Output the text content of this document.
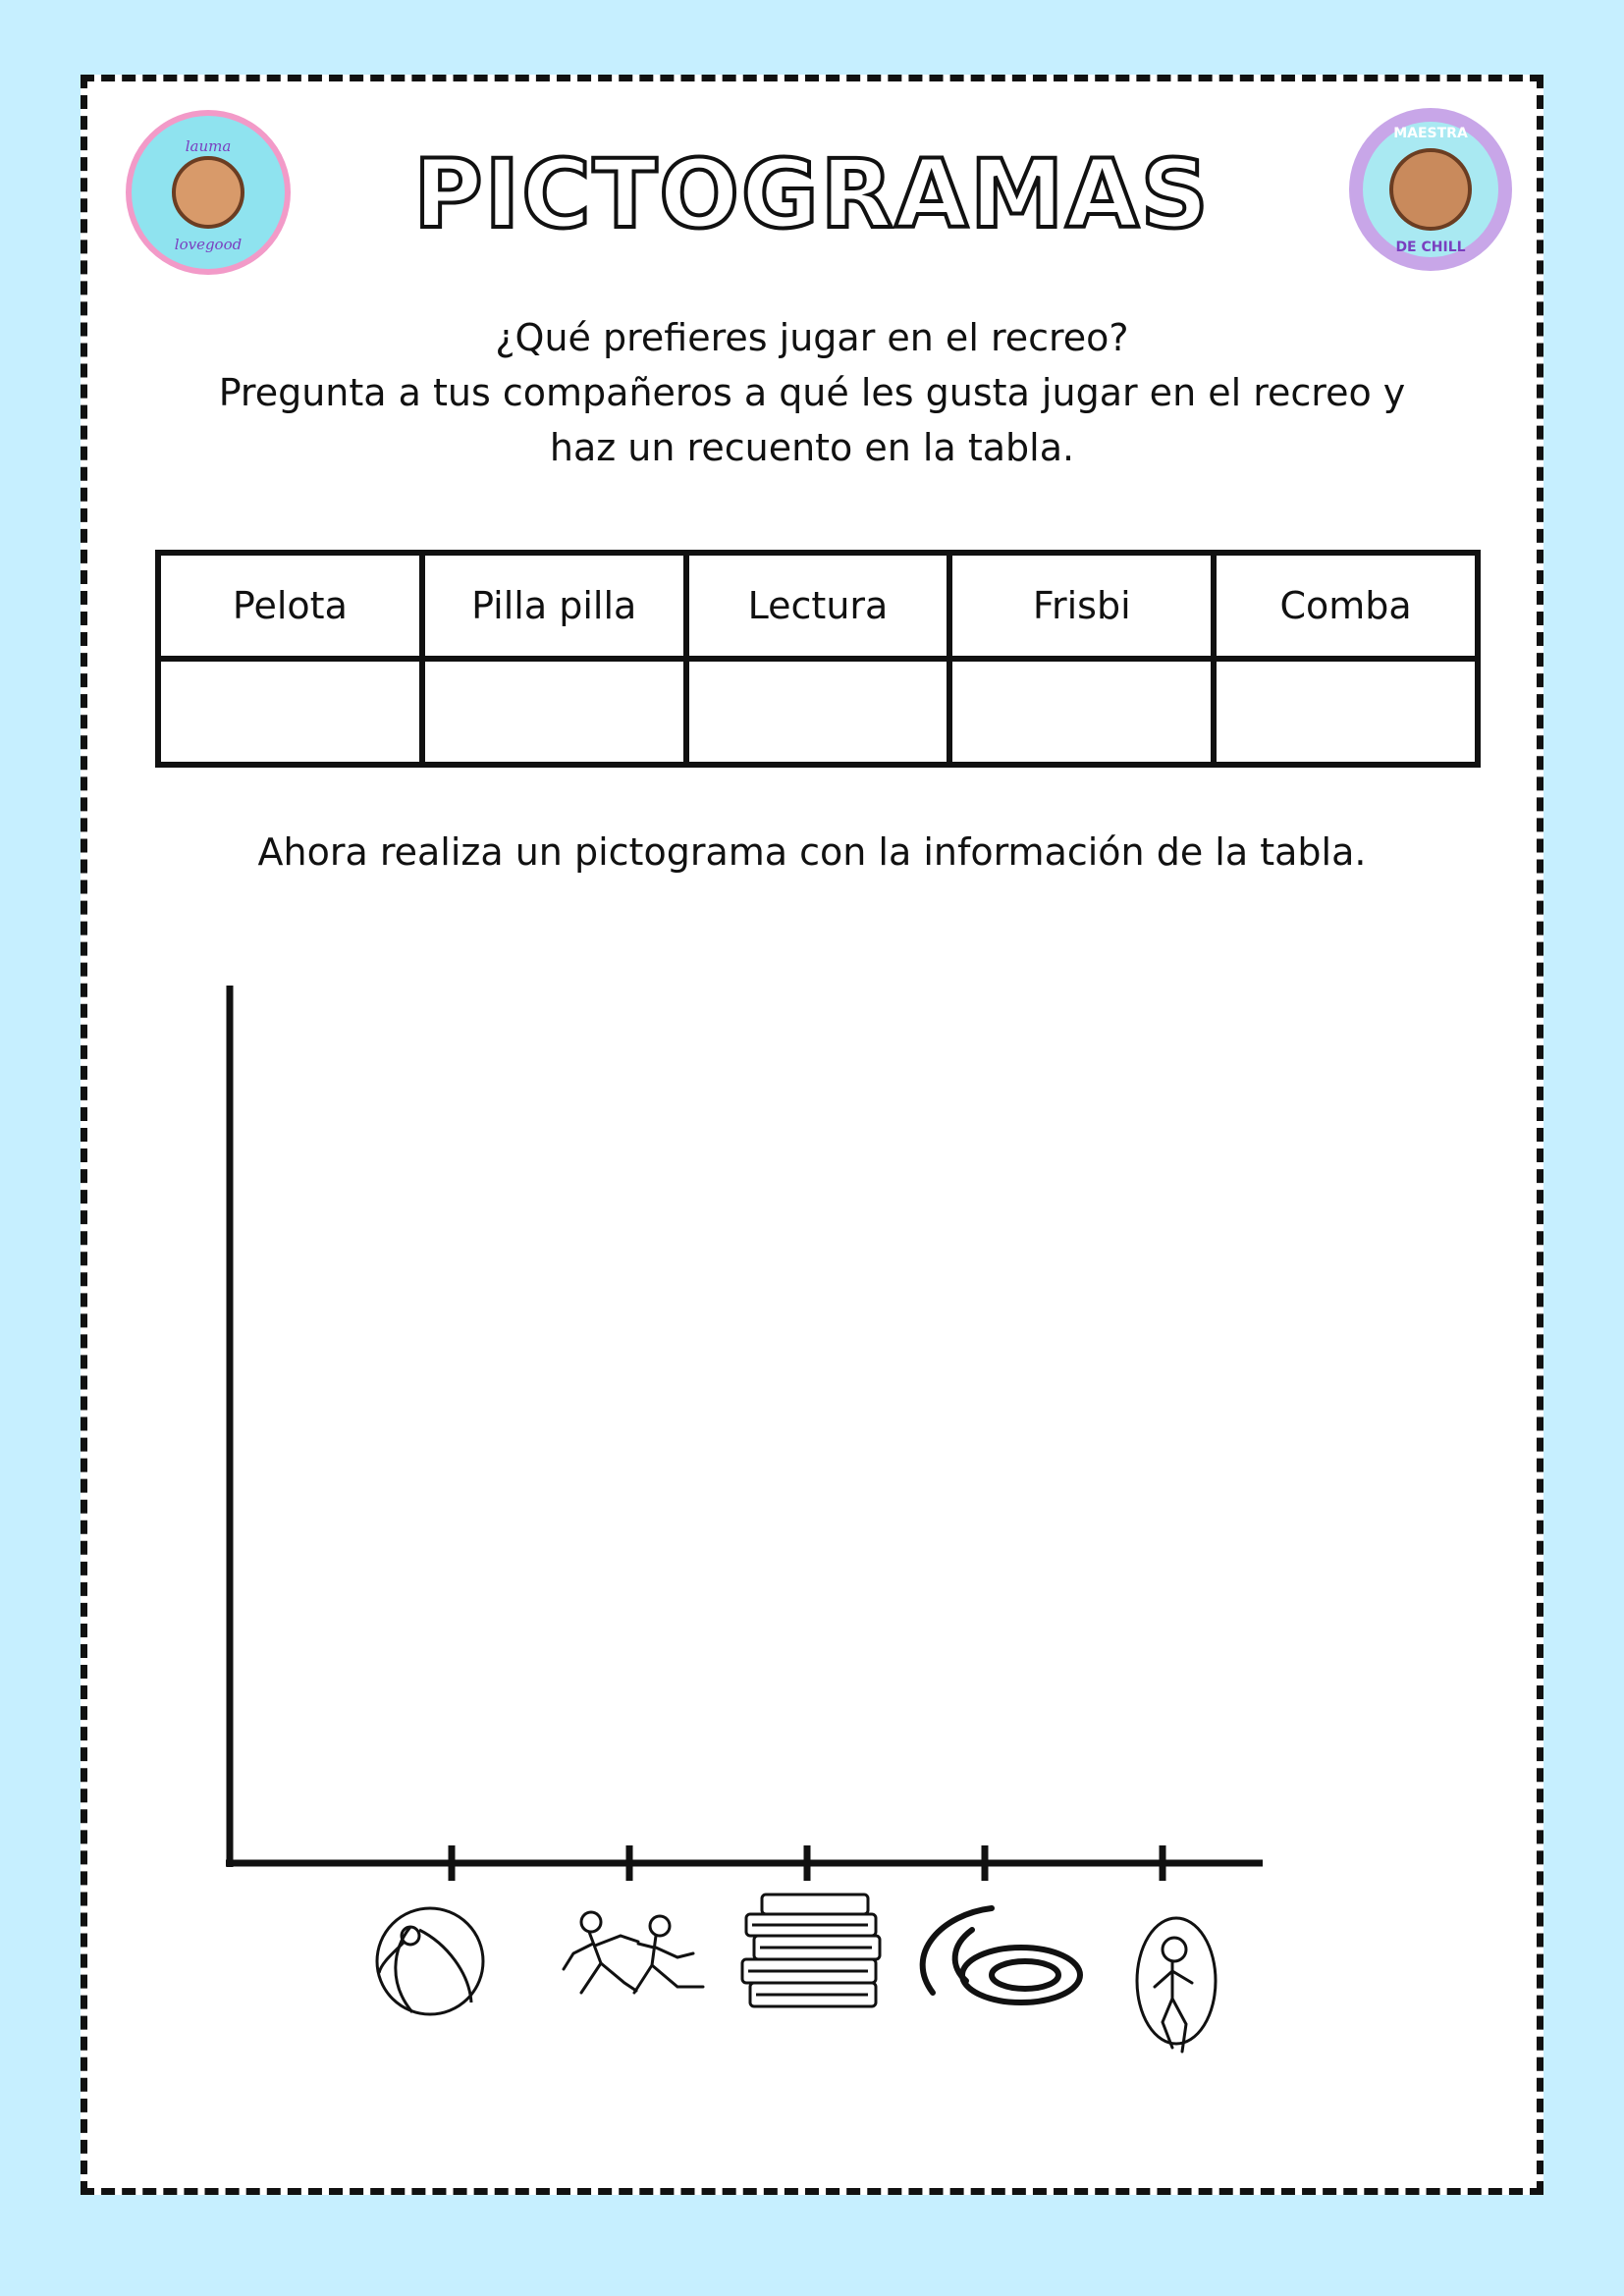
lauma
lovegood
MAESTRA
DE CHILL
PICTOGRAMAS
¿Qué prefieres jugar en el recreo?
Pregunta a tus compañeros a qué les gusta jugar en el recreo y
haz un recuento en la tabla.
Pelota	Pilla pilla	Lectura	Frisbi	Comba

Ahora realiza un pictograma con la información de la tabla.
